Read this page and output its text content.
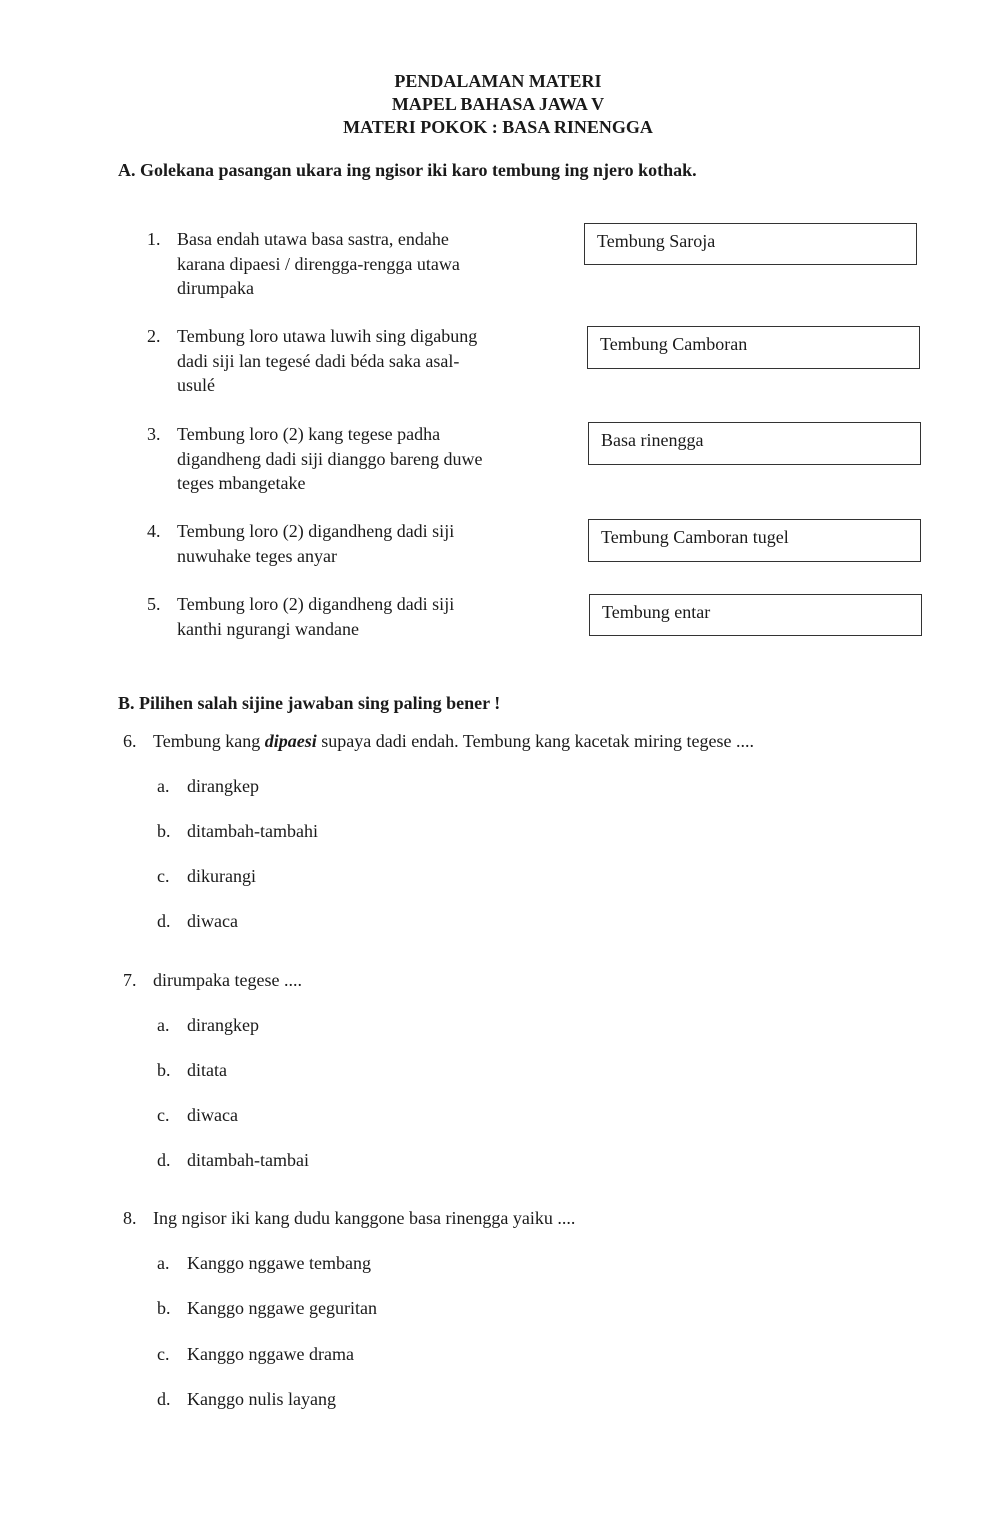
PENDALAMAN MATERI
MAPEL BAHASA JAWA V
MATERI POKOK : BASA RINENGGA
A. Golekana pasangan ukara ing ngisor iki karo tembung ing njero kothak.
1. Basa endah utawa basa sastra, endahe
karana dipaesi / direngga-rengga utawa
dirumpaka
2. Tembung loro utawa luwih sing digabung
dadi siji lan tegesé dadi béda saka asal-
usulé
3. Tembung loro (2) kang tegese padha
digandheng dadi siji dianggo bareng duwe
teges mbangetake
4. Tembung loro (2) digandheng dadi siji
nuwuhake teges anyar
5. Tembung loro (2) digandheng dadi siji
kanthi ngurangi wandane
Tembung Saroja
Tembung Camboran
Basa rinengga
Tembung Camboran tugel
Tembung entar
B. Pilihen salah sijine jawaban sing paling bener !
6. Tembung kang dipaesi supaya dadi endah. Tembung kang kacetak miring tegese ....
a. dirangkep
b. ditambah-tambahi
c. dikurangi
d. diwaca
7. dirumpaka tegese ....
a. dirangkep
b. ditata
c. diwaca
d. ditambah-tambai
8. Ing ngisor iki kang dudu kanggone basa rinengga yaiku ....
a. Kanggo nggawe tembang
b. Kanggo nggawe geguritan
c. Kanggo nggawe drama
d. Kanggo nulis layang
